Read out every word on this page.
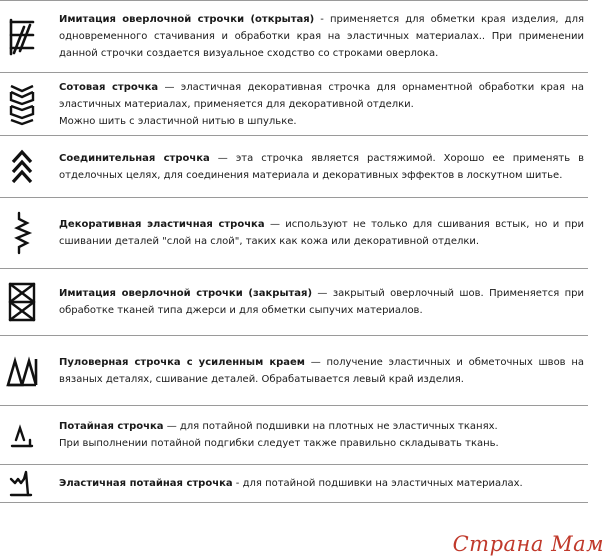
Имитация оверлочной строчки (открытая) - применяется для обметки края изделия, для одновременного стачивания и обработки края на эластичных материалах.. При применении данной строчки создается визуальное сходство со строками оверлока.

Сотовая строчка — эластичная декоративная строчка для орнаментной обработки края на эластичных материалах, применяется для декоративной отделки.

Можно шить с эластичной нитью в шпульке.

Соединительная строчка — эта строчка является растяжимой. Хорошо ее применять в отделочных целях, для соединения материала и декоративных эффектов в лоскутном шитье.

Декоративная эластичная строчка — используют не только для сшивания встык, но и при сшивании деталей "слой на слой", таких как кожа или декоративной отделки.

Имитация оверлочной строчки (закрытая) — закрытый оверлочный шов. Применяется при обработке тканей типа джерси и для обметки сыпучих материалов.

Пуловерная строчка с усиленным краем — получение эластичных и обметочных швов на вязаных деталях, сшивание деталей. Обрабатывается левый край изделия.

Потайная строчка — для потайной подшивки на плотных не эластичных тканях.

При выполнении потайной подгибки следует также правильно складывать ткань.

Эластичная потайная строчка - для потайной подшивки на эластичных материалах.

Страна Мам
